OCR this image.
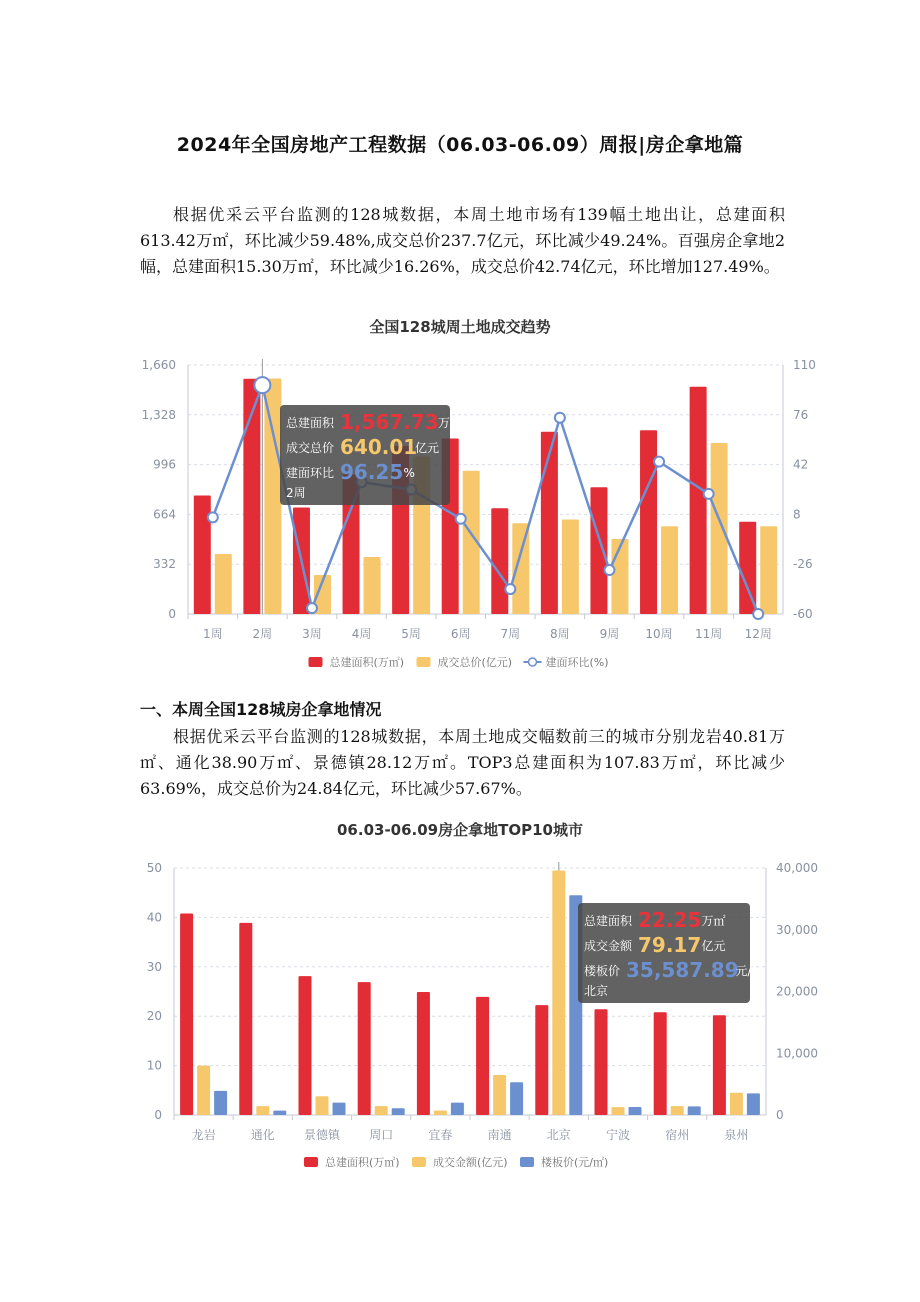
2024年全国房地产工程数据（06.03-06.09）周报|房企拿地篇
根据优采云平台监测的128城数据，本周土地市场有139幅土地出让，总建面积613.42万㎡，环比减少59.48%,成交总价237.7亿元，环比减少49.24%。百强房企拿地2幅，总建面积15.30万㎡，环比减少16.26%，成交总价42.74亿元，环比增加127.49%。
全国128城周土地成交趋势
0
332
664
996
1,328
1,660
-60
-26
8
42
76
110
1周 2周 3周 4周 5周 6周 7周 8周 9周 10周 11周 12周
总建面积 1,567.73 万㎡
成交总价 640.01
亿元
建面环比 96.25 %
2周
总建面积(万㎡)	成交总价(亿元)	建面环比(%)
一、本周全国128城房企拿地情况
根据优采云平台监测的128城数据，本周土地成交幅数前三的城市分别龙岩40.81万㎡、通化38.90万㎡、景德镇28.12万㎡。TOP3总建面积为107.83万㎡，环比减少63.69%，成交总价为24.84亿元，环比减少57.67%。
06.03-06.09房企拿地TOP10城市
0
10
20
30
40
50
0
10,000
20,000
30,000
40,000
龙岩	通化 景德镇 周口	宜春	南通	北京	宁波	宿州	泉州
总建面积 22.25 万㎡
成交金额 79.17 亿元
楼板价 35,587.89
元/㎡
北京
总建面积(万㎡)	成交金额(亿元)	楼板价(元/㎡)
